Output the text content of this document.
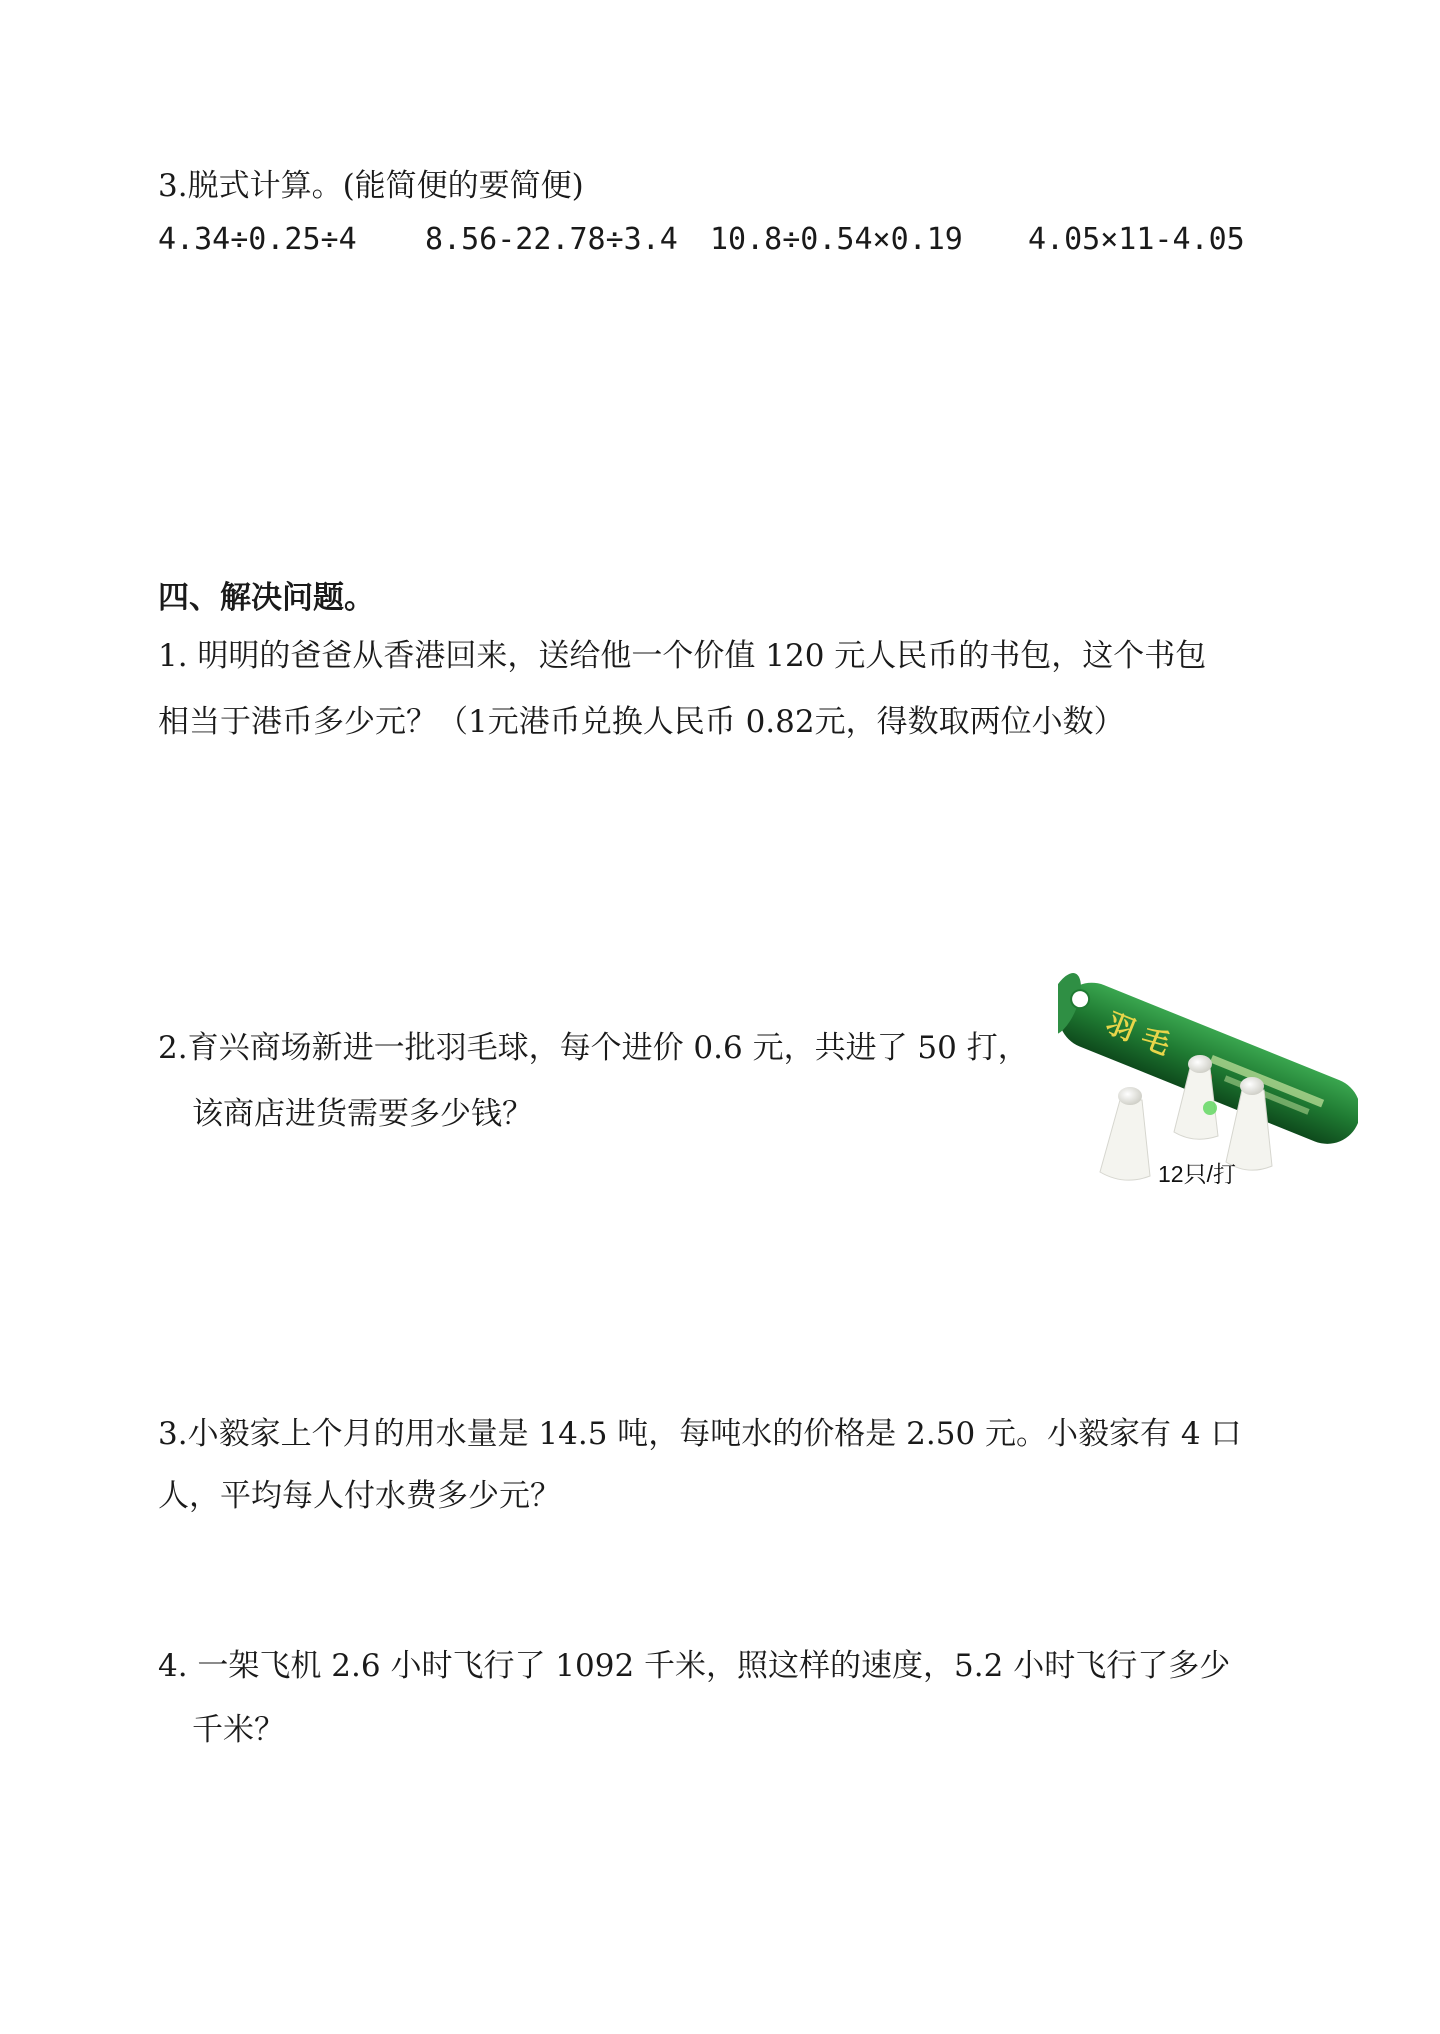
3.脱式计算。(能简便的要简便)
4.34÷0.25÷4 8.56-22.78÷3.4 10.8÷0.54×0.19 4.05×11-4.05
四、解决问题。
1. 明明的爸爸从香港回来，送给他一个价值 120 元人民币的书包，这个书包
相当于港币多少元？（1元港币兑换人民币 0.82元，得数取两位小数）
2.育兴商场新进一批羽毛球，每个进价 0.6 元，共进了 50 打，
该商店进货需要多少钱？
羽 毛
12只/打
3.小毅家上个月的用水量是 14.5 吨，每吨水的价格是 2.50 元。小毅家有 4 口
人，平均每人付水费多少元？
4. 一架飞机 2.6 小时飞行了 1092 千米，照这样的速度，5.2 小时飞行了多少
千米？
